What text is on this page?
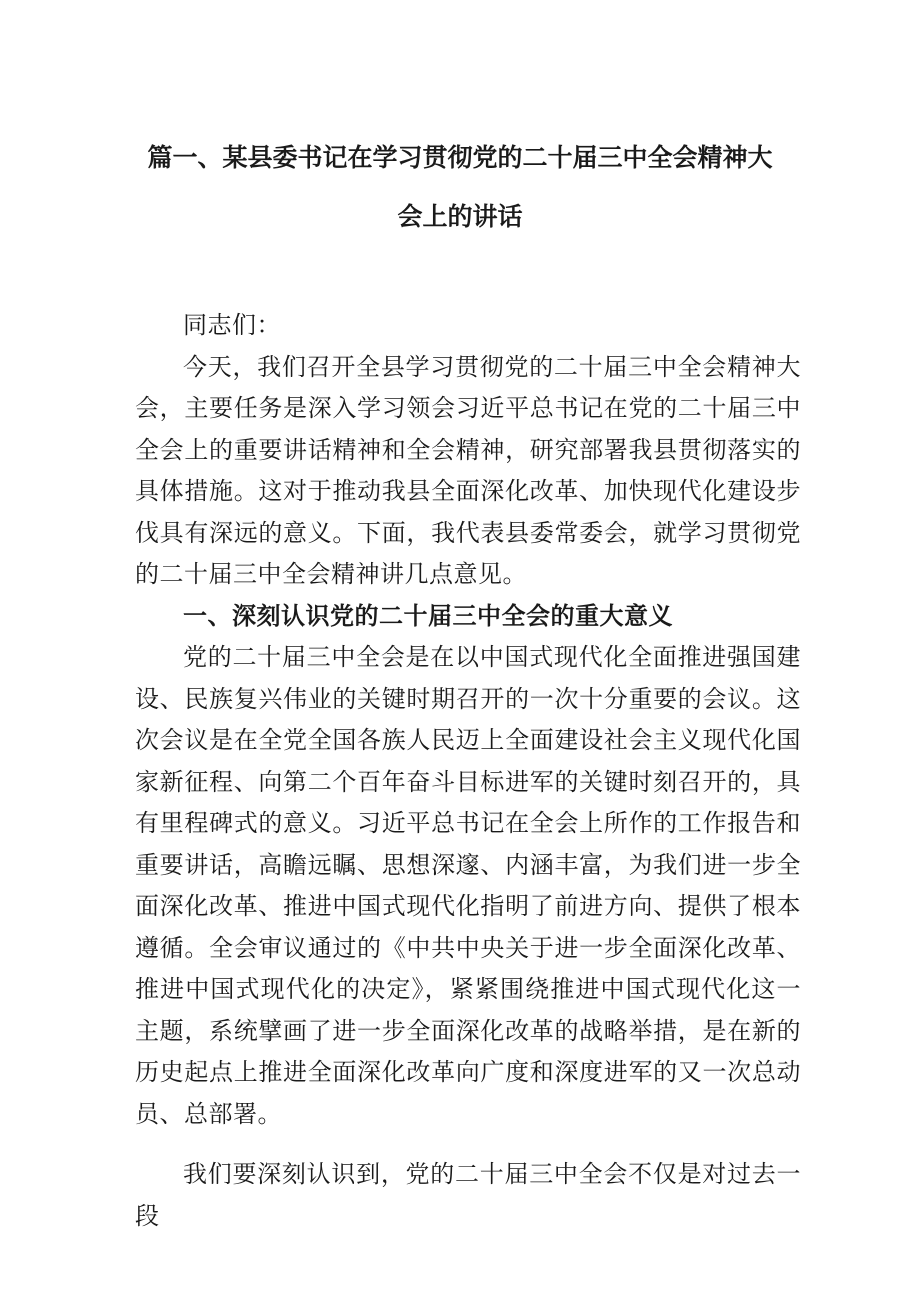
篇一、某县委书记在学习贯彻党的二十届三中全会精神大
会上的讲话

同志们：

今天，我们召开全县学习贯彻党的二十届三中全会精神大会，主要任务是深入学习领会习近平总书记在党的二十届三中全会上的重要讲话精神和全会精神，研究部署我县贯彻落实的具体措施。这对于推动我县全面深化改革、加快现代化建设步伐具有深远的意义。下面，我代表县委常委会，就学习贯彻党的二十届三中全会精神讲几点意见。

一、深刻认识党的二十届三中全会的重大意义

党的二十届三中全会是在以中国式现代化全面推进强国建设、民族复兴伟业的关键时期召开的一次十分重要的会议。这次会议是在全党全国各族人民迈上全面建设社会主义现代化国家新征程、向第二个百年奋斗目标进军的关键时刻召开的，具有里程碑式的意义。习近平总书记在全会上所作的工作报告和重要讲话，高瞻远瞩、思想深邃、内涵丰富，为我们进一步全面深化改革、推进中国式现代化指明了前进方向、提供了根本遵循。全会审议通过的《中共中央关于进一步全面深化改革、推进中国式现代化的决定》，紧紧围绕推进中国式现代化这一主题，系统擘画了进一步全面深化改革的战略举措，是在新的历史起点上推进全面深化改革向广度和深度进军的又一次总动员、总部署。

我们要深刻认识到，党的二十届三中全会不仅是对过去一段
